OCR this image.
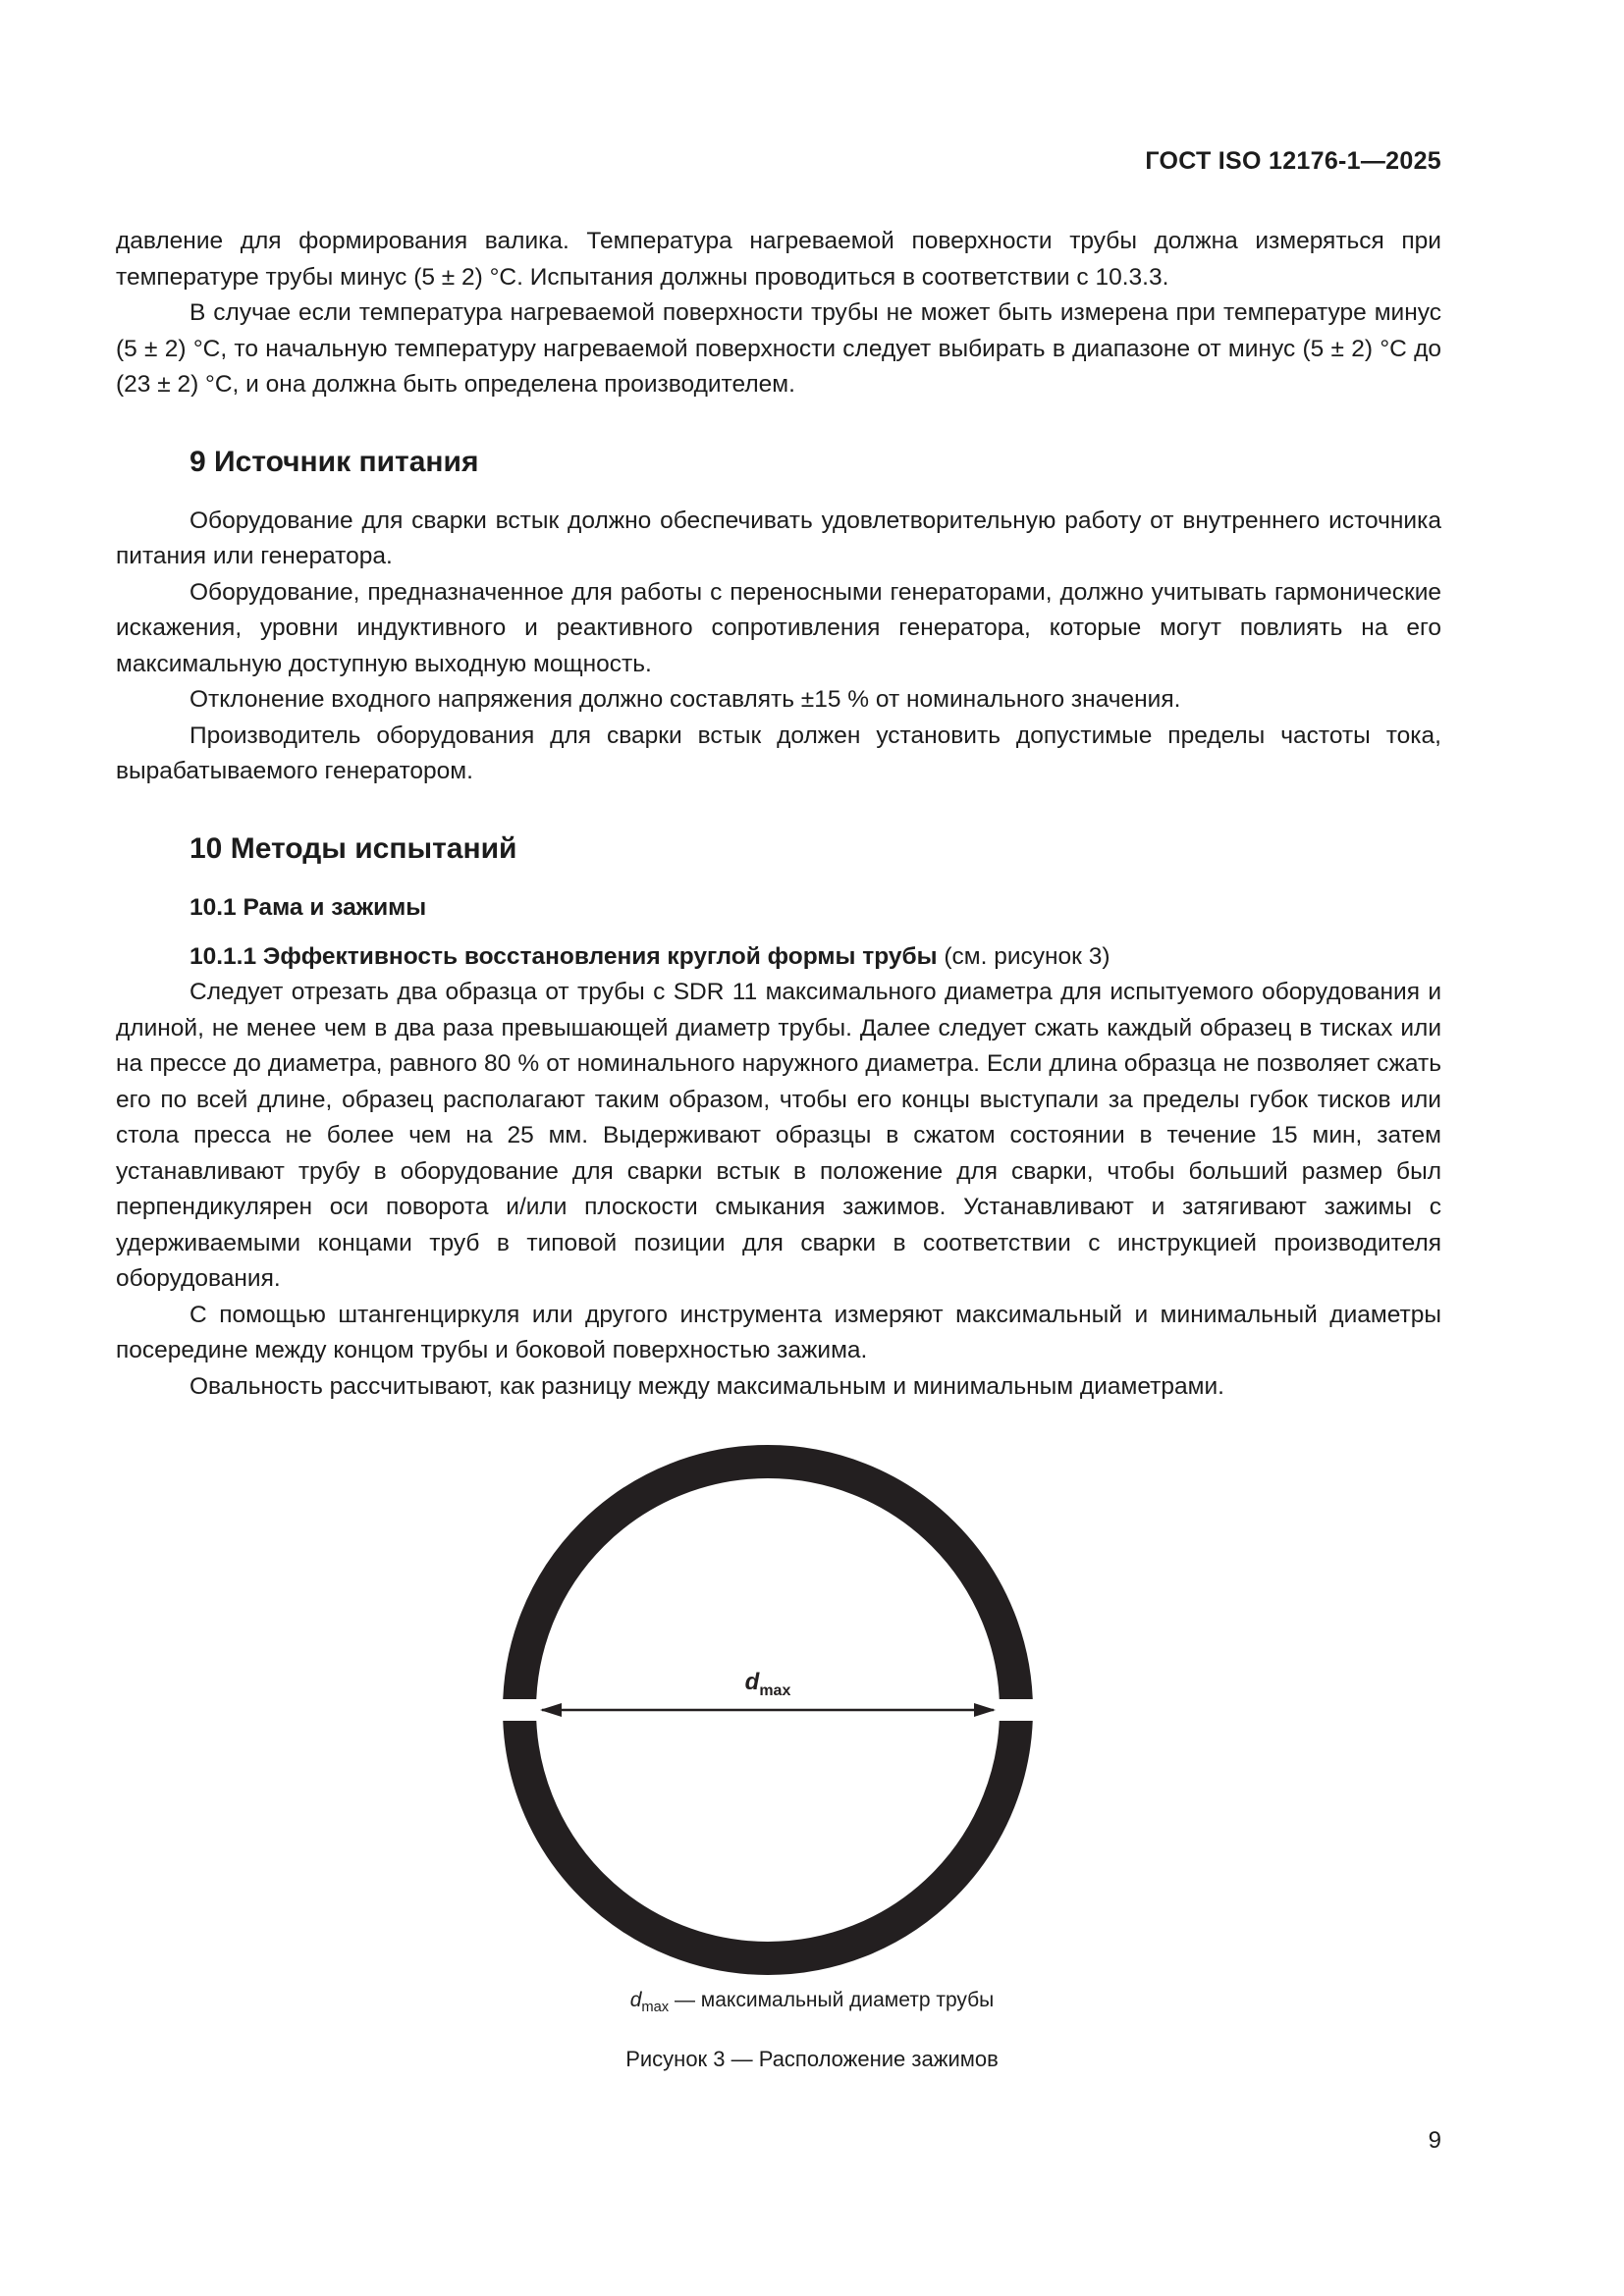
ГОСТ ISO 12176-1—2025

давление для формирования валика. Температура нагреваемой поверхности трубы должна измеряться при температуре трубы минус (5 ± 2) °C. Испытания должны проводиться в соответствии с 10.3.3.

В случае если температура нагреваемой поверхности трубы не может быть измерена при температуре минус (5 ± 2) °C, то начальную температуру нагреваемой поверхности следует выбирать в диапазоне от минус (5 ± 2) °C до (23 ± 2) °C, и она должна быть определена производителем.

9 Источник питания

Оборудование для сварки встык должно обеспечивать удовлетворительную работу от внутреннего источника питания или генератора.

Оборудование, предназначенное для работы с переносными генераторами, должно учитывать гармонические искажения, уровни индуктивного и реактивного сопротивления генератора, которые могут повлиять на его максимальную доступную выходную мощность.

Отклонение входного напряжения должно составлять ±15 % от номинального значения.

Производитель оборудования для сварки встык должен установить допустимые пределы частоты тока, вырабатываемого генератором.

10 Методы испытаний
10.1 Рама и зажимы

10.1.1 Эффективность восстановления круглой формы трубы (см. рисунок 3)

Следует отрезать два образца от трубы с SDR 11 максимального диаметра для испытуемого оборудования и длиной, не менее чем в два раза превышающей диаметр трубы. Далее следует сжать каждый образец в тисках или на прессе до диаметра, равного 80 % от номинального наружного диаметра. Если длина образца не позволяет сжать его по всей длине, образец располагают таким образом, чтобы его концы выступали за пределы губок тисков или стола пресса не более чем на 25 мм. Выдерживают образцы в сжатом состоянии в течение 15 мин, затем устанавливают трубу в оборудование для сварки встык в положение для сварки, чтобы больший размер был перпендикулярен оси поворота и/или плоскости смыкания зажимов. Устанавливают и затягивают зажимы с удерживаемыми концами труб в типовой позиции для сварки в соответствии с инструкцией производителя оборудования.

С помощью штангенциркуля или другого инструмента измеряют максимальный и минимальный диаметры посередине между концом трубы и боковой поверхностью зажима.

Овальность рассчитывают, как разницу между максимальным и минимальным диаметрами.

$d_{max}$
$d_{max}$ — максимальный диаметр трубы
Рисунок 3 — Расположение зажимов
9
